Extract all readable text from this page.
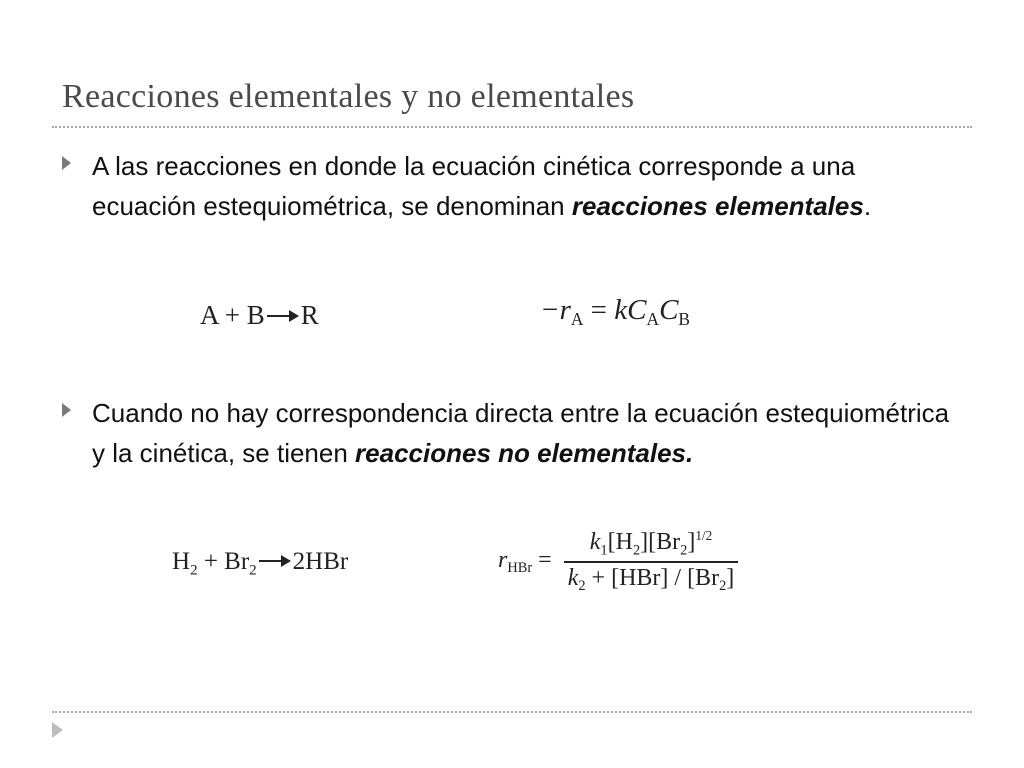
Reacciones elementales y no elementales
A las reacciones en donde la ecuación cinética corresponde a una ecuación estequiométrica, se denominan reacciones elementales.
A + B → R	$-r_A = kC_AC_B$
Cuando no hay correspondencia directa entre la ecuación estequiométrica y la cinética, se tienen reacciones no elementales.
$H_2 + Br_2 \to 2HBr$	$r_{HBr} = \frac{k_1[H_2][Br_2]^{1/2}}{k_2 + [HBr] / [Br_2]}$
